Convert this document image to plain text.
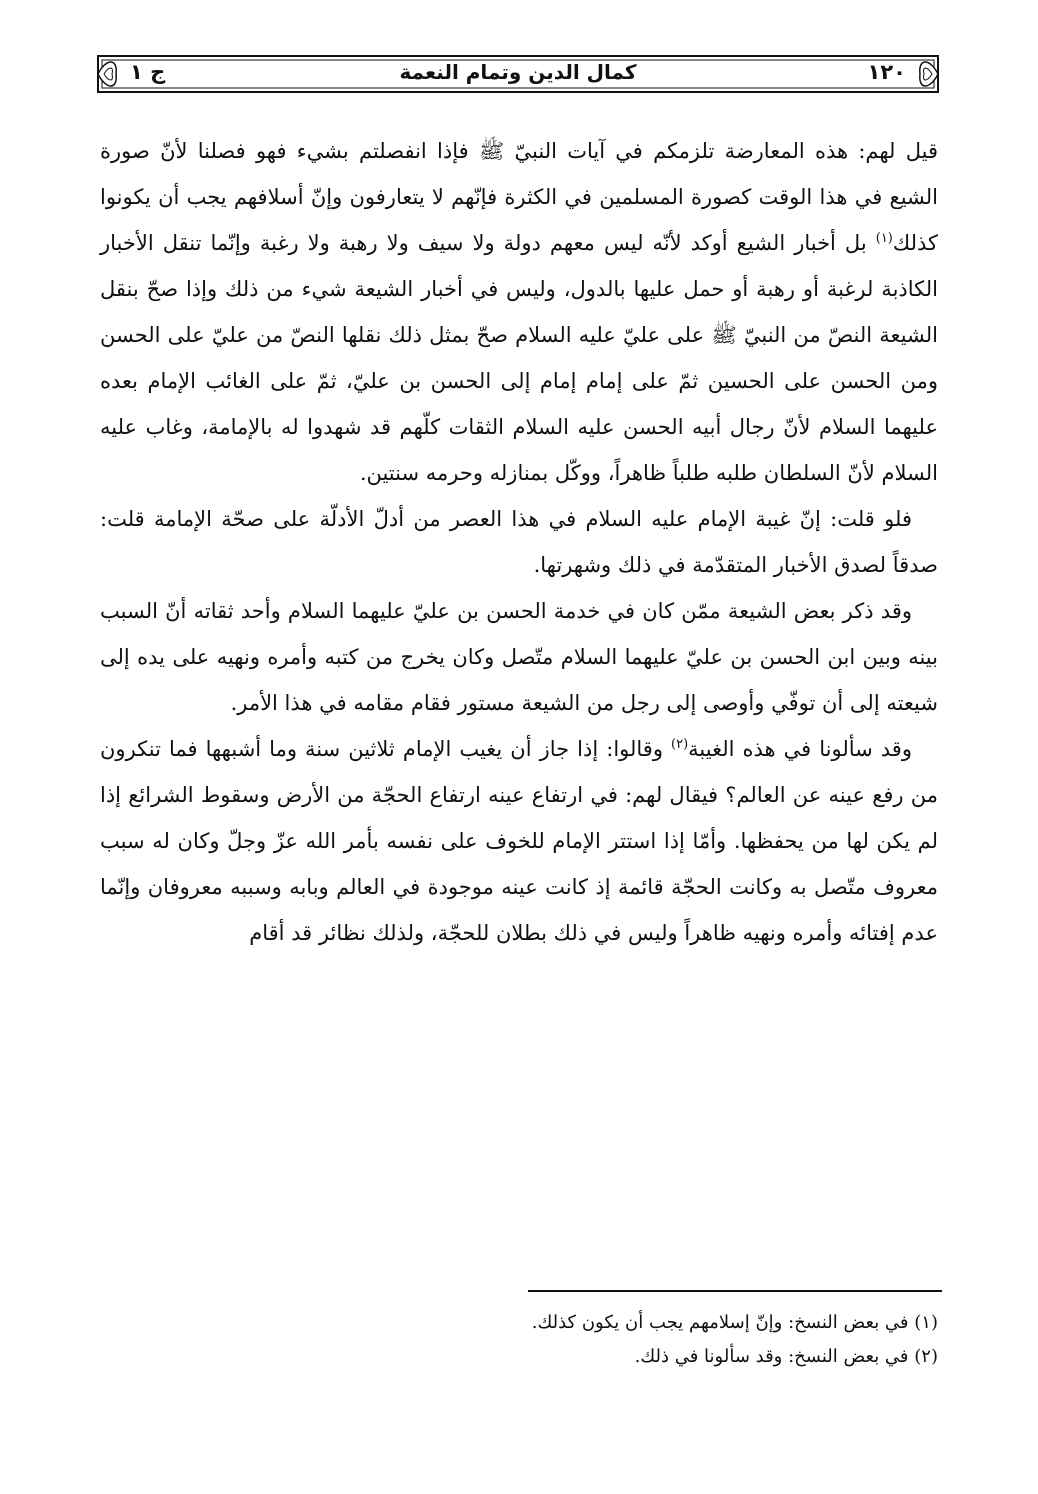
١٢٠
كمال الدين وتمام النعمة
ج ١

قيل لهم: هذه المعارضة تلزمكم في آيات النبيّ ﷺ فإذا انفصلتم بشيء فهو فصلنا لأنّ صورة الشيع في هذا الوقت كصورة المسلمين في الكثرة فإنّهم لا يتعارفون وإنّ أسلافهم يجب أن يكونوا كذلك$^{(١)}$ بل أخبار الشيع أوكد لأنّه ليس معهم دولة ولا سيف ولا رهبة ولا رغبة وإنّما تنقل الأخبار الكاذبة لرغبة أو رهبة أو حمل عليها بالدول، وليس في أخبار الشيعة شيء من ذلك وإذا صحّ بنقل الشيعة النصّ من النبيّ ﷺ على عليّ عليه السلام صحّ بمثل ذلك نقلها النصّ من عليّ على الحسن ومن الحسن على الحسين ثمّ على إمام إمام إلى الحسن بن عليّ، ثمّ على الغائب الإمام بعده عليهما السلام لأنّ رجال أبيه الحسن عليه السلام الثقات كلّهم قد شهدوا له بالإمامة، وغاب عليه السلام لأنّ السلطان طلبه طلباً ظاهراً، ووكّل بمنازله وحرمه سنتين.

فلو قلت: إنّ غيبة الإمام عليه السلام في هذا العصر من أدلّ الأدلّة على صحّة الإمامة قلت: صدقاً لصدق الأخبار المتقدّمة في ذلك وشهرتها.

وقد ذكر بعض الشيعة ممّن كان في خدمة الحسن بن عليّ عليهما السلام وأحد ثقاته أنّ السبب بينه وبين ابن الحسن بن عليّ عليهما السلام متّصل وكان يخرج من كتبه وأمره ونهيه على يده إلى شيعته إلى أن توفّي وأوصى إلى رجل من الشيعة مستور فقام مقامه في هذا الأمر.

وقد سألونا في هذه الغيبة$^{(٢)}$ وقالوا: إذا جاز أن يغيب الإمام ثلاثين سنة وما أشبهها فما تنكرون من رفع عينه عن العالم؟ فيقال لهم: في ارتفاع عينه ارتفاع الحجّة من الأرض وسقوط الشرائع إذا لم يكن لها من يحفظها. وأمّا إذا استتر الإمام للخوف على نفسه بأمر الله عزّ وجلّ وكان له سبب معروف متّصل به وكانت الحجّة قائمة إذ كانت عينه موجودة في العالم وبابه وسببه معروفان وإنّما عدم إفتائه وأمره ونهيه ظاهراً وليس في ذلك بطلان للحجّة، ولذلك نظائر قد أقام

(١) في بعض النسخ: وإنّ إسلامهم يجب أن يكون كذلك.

(٢) في بعض النسخ: وقد سألونا في ذلك.
